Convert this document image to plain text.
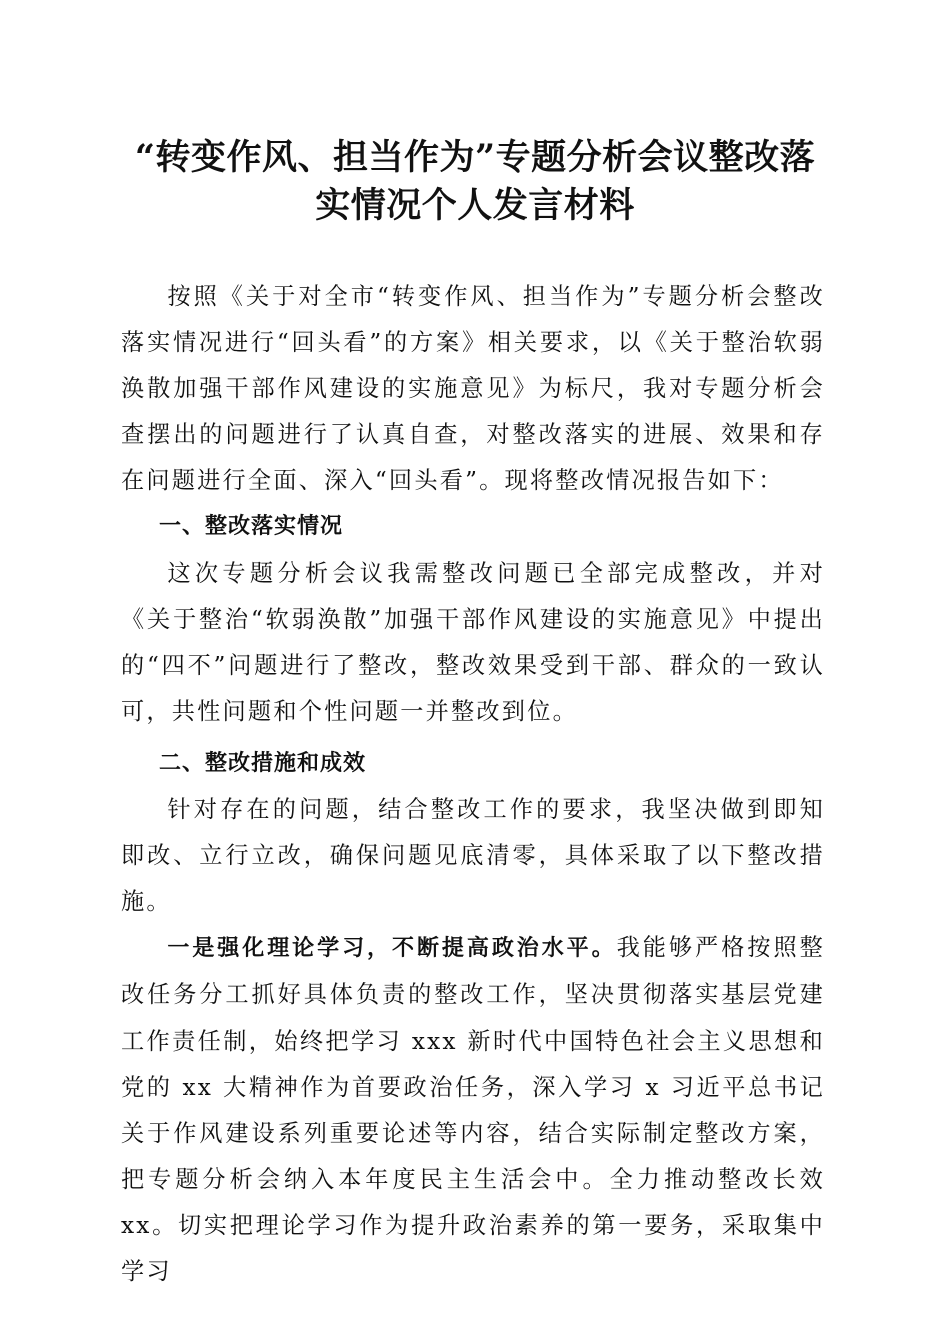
“转变作风、担当作为”专题分析会议整改落
实情况个人发言材料

按照《关于对全市“转变作风、担当作为”专题分析会整改落实情况进行“回头看”的方案》相关要求，以《关于整治软弱涣散加强干部作风建设的实施意见》为标尺，我对专题分析会查摆出的问题进行了认真自查，对整改落实的进展、效果和存在问题进行全面、深入“回头看”。现将整改情况报告如下：

一、整改落实情况

这次专题分析会议我需整改问题已全部完成整改，并对《关于整治“软弱涣散”加强干部作风建设的实施意见》中提出的“四不”问题进行了整改，整改效果受到干部、群众的一致认可，共性问题和个性问题一并整改到位。

二、整改措施和成效

针对存在的问题，结合整改工作的要求，我坚决做到即知即改、立行立改，确保问题见底清零，具体采取了以下整改措施。

一是强化理论学习，不断提高政治水平。我能够严格按照整改任务分工抓好具体负责的整改工作，坚决贯彻落实基层党建工作责任制，始终把学习 xxx 新时代中国特色社会主义思想和党的 xx 大精神作为首要政治任务，深入学习 x 习近平总书记关于作风建设系列重要论述等内容，结合实际制定整改方案，把专题分析会纳入本年度民主生活会中。全力推动整改长效 xx。切实把理论学习作为提升政治素养的第一要务，采取集中学习
